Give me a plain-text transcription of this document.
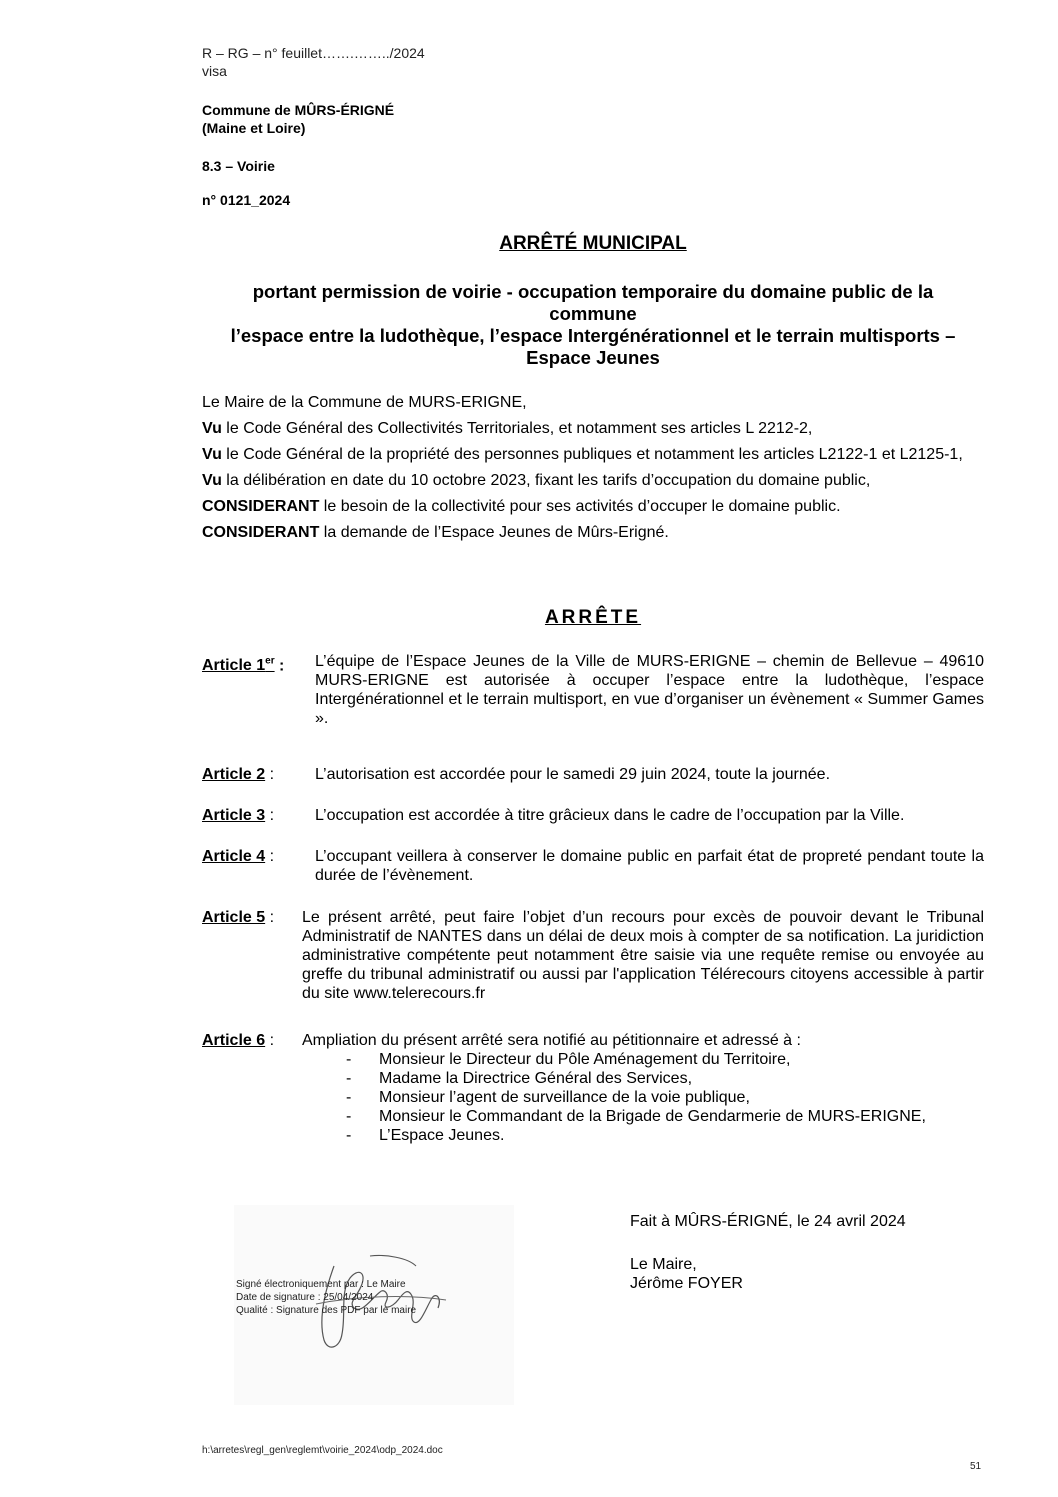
R – RG – n° feuillet…….……../2024
visa
Commune de MÛRS-ÉRIGNÉ
(Maine et Loire)
8.3 – Voirie
n° 0121_2024
ARRÊTÉ MUNICIPAL
portant permission de voirie - occupation temporaire du domaine public de la
commune
l’espace entre la ludothèque, l’espace Intergénérationnel et le terrain multisports –
Espace Jeunes

Le Maire de la Commune de MURS-ERIGNE,

Vu le Code Général des Collectivités Territoriales, et notamment ses articles L 2212-2,

Vu le Code Général de la propriété des personnes publiques et notamment les articles L2122-1 et L2125-1,

Vu la délibération en date du 10 octobre 2023, fixant les tarifs d’occupation du domaine public,

CONSIDERANT le besoin de la collectivité pour ses activités d’occuper le domaine public.

CONSIDERANT la demande de l’Espace Jeunes de Mûrs-Erigné.

ARRÊTE
Article 1er : L’équipe de l’Espace Jeunes de la Ville de MURS-ERIGNE – chemin de Bellevue – 49610 MURS-ERIGNE est autorisée à occuper l’espace entre la ludothèque, l’espace Intergénérationnel et le terrain multisport, en vue d’organiser un évènement « Summer Games ».
Article 2 :	L’autorisation est accordée pour le samedi 29 juin 2024, toute la journée.
Article 3 :	L’occupation est accordée à titre grâcieux dans le cadre de l’occupation par la Ville.
Article 4 :	L’occupant veillera à conserver le domaine public en parfait état de propreté pendant toute la durée de l’évènement.
Article 5 : Le présent arrêté, peut faire l’objet d’un recours pour excès de pouvoir devant le Tribunal Administratif de NANTES dans un délai de deux mois à compter de sa notification. La juridiction administrative compétente peut notamment être saisie via une requête remise ou envoyée au greffe du tribunal administratif ou aussi par l'application Télérecours citoyens accessible à partir du site www.telerecours.fr
Article 6 : Ampliation du présent arrêté sera notifié au pétitionnaire et adressé à :
- Monsieur le Directeur du Pôle Aménagement du Territoire,
- Madame la Directrice Général des Services,
- Monsieur l’agent de surveillance de la voie publique,
- Monsieur le Commandant de la Brigade de Gendarmerie de MURS-ERIGNE,
- L’Espace Jeunes.
Fait à MÛRS-ÉRIGNÉ, le 24 avril 2024
Le Maire,
Jérôme FOYER
Signé électroniquement par : Le Maire
Date de signature : 25/04/2024
Qualité : Signature des PDF par le maire
h:\arretes\regl_gen\reglemt\voirie_2024\odp_2024.doc
51
